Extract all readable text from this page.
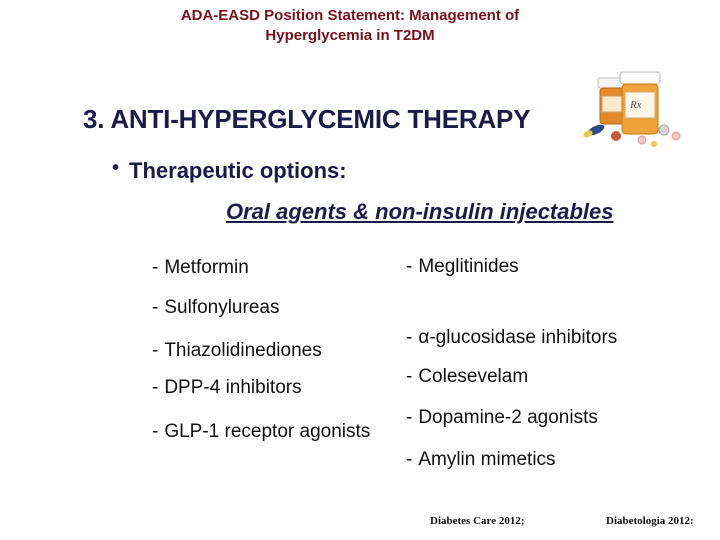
ADA-EASD Position Statement: Management of
Hyperglycemia in T2DM
Rx
3. ANTI-HYPERGLYCEMIC THERAPY
• Therapeutic options:
Oral agents & non-insulin injectables
- Metformin
- Sulfonylureas
- Thiazolidinediones
- DPP-4 inhibitors
- GLP-1 receptor agonists
- Meglitinides
- α-glucosidase inhibitors
- Colesevelam
- Dopamine-2 agonists
- Amylin mimetics
Diabetes Care 2012;	Diabetologia 2012:
